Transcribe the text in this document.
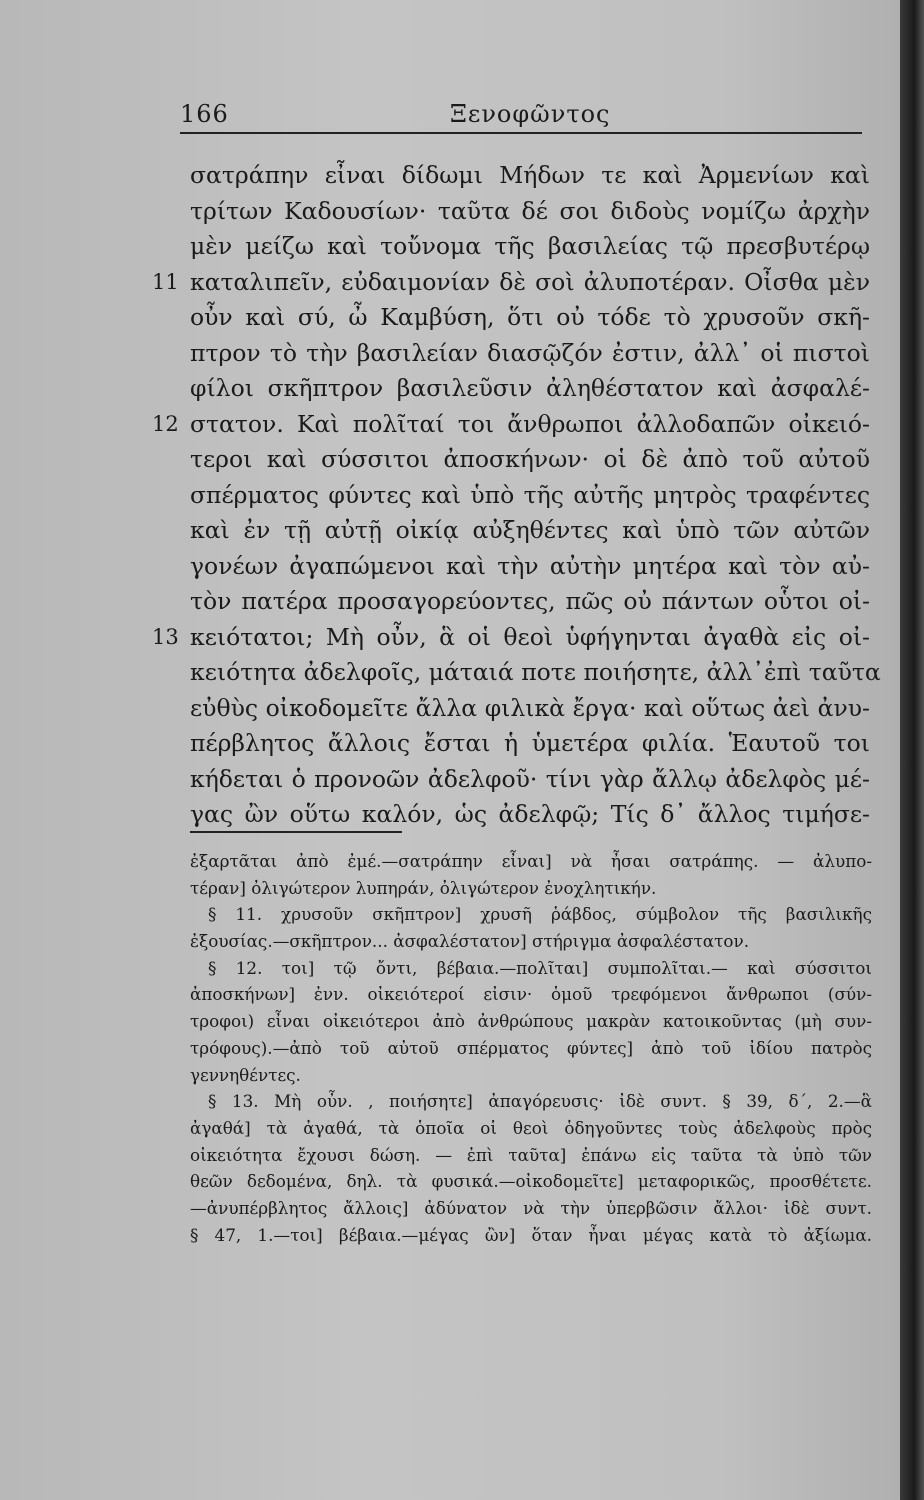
166	Ξενοφῶντος
σατράπην εἶναι δίδωμι Μήδων τε καὶ Ἀρμενίων καὶ
τρίτων Καδουσίων· ταῦτα δέ σοι διδοὺς νομίζω ἀρχὴν
μὲν μείζω καὶ τοὔνομα τῆς βασιλείας τῷ πρεσβυτέρῳ
11 καταλιπεῖν, εὐδαιμονίαν δὲ σοὶ ἀλυποτέραν. Οἶσθα μὲν
οὖν καὶ σύ, ὦ Καμβύση, ὅτι οὐ τόδε τὸ χρυσοῦν σκῆ-
πτρον τὸ τὴν βασιλείαν διασῷζόν ἐστιν, ἀλλ᾽ οἱ πιστοὶ
φίλοι σκῆπτρον βασιλεῦσιν ἀληθέστατον καὶ ἀσφαλέ-
12 στατον. Καὶ πολῖταί τοι ἄνθρωποι ἀλλοδαπῶν οἰκειό-
τεροι καὶ σύσσιτοι ἀποσκήνων· οἱ δὲ ἀπὸ τοῦ αὐτοῦ
σπέρματος φύντες καὶ ὑπὸ τῆς αὐτῆς μητρὸς τραφέντες
καὶ ἐν τῇ αὐτῇ οἰκίᾳ αὐξηθέντες καὶ ὑπὸ τῶν αὐτῶν
γονέων ἀγαπώμενοι καὶ τὴν αὐτὴν μητέρα καὶ τὸν αὐ-
τὸν πατέρα προσαγορεύοντες, πῶς οὐ πάντων οὗτοι οἰ-
13 κειότατοι; Μὴ οὖν, ἃ οἱ θεοὶ ὑφήγηνται ἀγαθὰ εἰς οἰ-
κειότητα ἀδελφοῖς, μάταιά ποτε ποιήσητε, ἀλλ᾽ἐπὶ ταῦτα
εὐθὺς οἰκοδομεῖτε ἄλλα φιλικὰ ἔργα· καὶ οὕτως ἀεὶ ἀνυ-
πέρβλητος ἄλλοις ἔσται ἡ ὑμετέρα φιλία. Ἑαυτοῦ τοι
κήδεται ὁ προνοῶν ἀδελφοῦ· τίνι γὰρ ἄλλῳ ἀδελφὸς μέ-
γας ὢν οὕτω καλόν, ὡς ἀδελφῷ; Τίς δ᾽ ἄλλος τιμήσε-
ἐξαρτᾶται ἀπὸ ἐμέ.—σατράπην εἶναι] νὰ ἦσαι σατράπης. — ἀλυπο-
τέραν] ὀλιγώτερον λυπηράν, ὀλιγώτερον ἐνοχλητικήν.
§ 11. χρυσοῦν σκῆπτρον] χρυσῆ ῥάβδος, σύμβολον τῆς βασιλικῆς
ἐξουσίας.—σκῆπτρον... ἀσφαλέστατον] στήριγμα ἀσφαλέστατον.
§ 12. τοι] τῷ ὄντι, βέβαια.—πολῖται] συμπολῖται.— καὶ σύσσιτοι
ἀποσκήνων] ἐνν. οἰκειότεροί εἰσιν· ὁμοῦ τρεφόμενοι ἄνθρωποι (σύν-
τροφοι) εἶναι οἰκειότεροι ἀπὸ ἀνθρώπους μακρὰν κατοικοῦντας (μὴ συν-
τρόφους).—ἀπὸ τοῦ αὐτοῦ σπέρματος φύντες] ἀπὸ τοῦ ἰδίου πατρὸς
γεννηθέντες.
§ 13. Μὴ οὖν. , ποιήσητε] ἀπαγόρευσις· ἰδὲ συντ. § 39, δ΄, 2.—ἃ
ἀγαθά] τὰ ἀγαθά, τὰ ὁποῖα οἱ θεοὶ ὁδηγοῦντες τοὺς ἀδελφοὺς πρὸς
οἰκειότητα ἔχουσι δώση. — ἐπὶ ταῦτα] ἐπάνω εἰς ταῦτα τὰ ὑπὸ τῶν
θεῶν δεδομένα, δηλ. τὰ φυσικά.—οἰκοδομεῖτε] μεταφορικῶς, προσθέτετε.
—ἀνυπέρβλητος ἄλλοις] ἀδύνατον νὰ τὴν ὑπερβῶσιν ἄλλοι· ἰδὲ συντ.
§ 47, 1.—τοι] βέβαια.—μέγας ὢν] ὅταν ἦναι μέγας κατὰ τὸ ἀξίωμα.
